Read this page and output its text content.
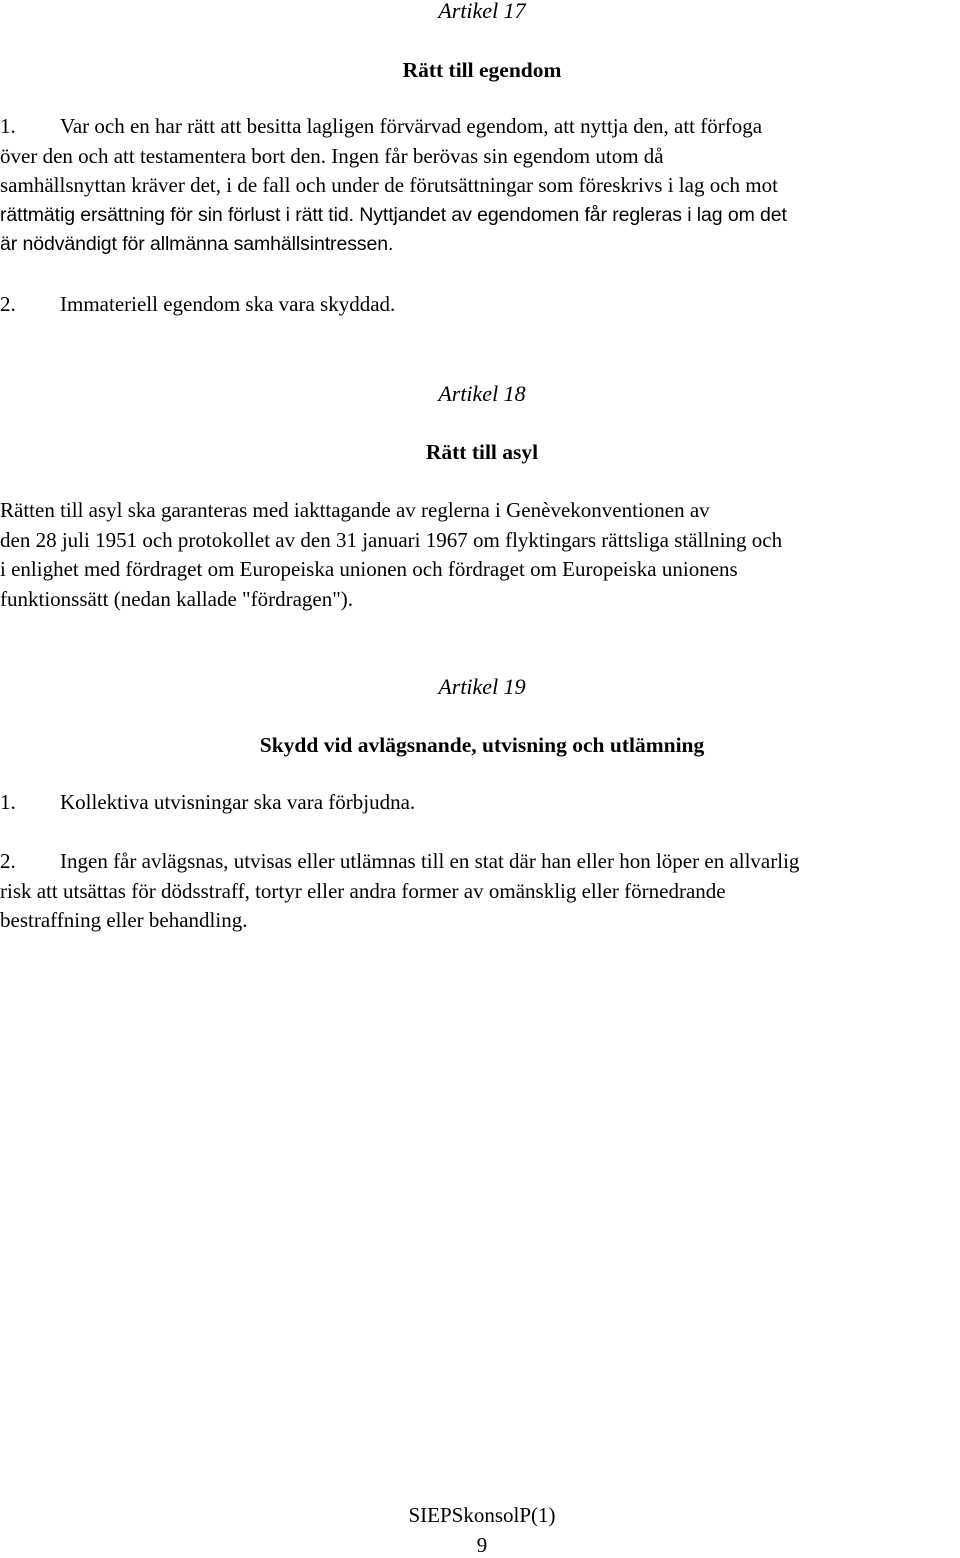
Artikel 17
Rätt till egendom
1. Var och en har rätt att besitta lagligen förvärvad egendom, att nyttja den, att förfoga
över den och att testamentera bort den. Ingen får berövas sin egendom utom då
samhällsnyttan kräver det, i de fall och under de förutsättningar som föreskrivs i lag och mot
rättmätig ersättning för sin förlust i rätt tid. Nyttjandet av egendomen får regleras i lag om det
är nödvändigt för allmänna samhällsintressen.
2. Immateriell egendom ska vara skyddad.
Artikel 18
Rätt till asyl
Rätten till asyl ska garanteras med iakttagande av reglerna i Genèvekonventionen av
den 28 juli 1951 och protokollet av den 31 januari 1967 om flyktingars rättsliga ställning och
i enlighet med fördraget om Europeiska unionen och fördraget om Europeiska unionens
funktionssätt (nedan kallade "fördragen").
Artikel 19
Skydd vid avlägsnande, utvisning och utlämning
1. Kollektiva utvisningar ska vara förbjudna.
2. Ingen får avlägsnas, utvisas eller utlämnas till en stat där han eller hon löper en allvarlig
risk att utsättas för dödsstraff, tortyr eller andra former av omänsklig eller förnedrande
bestraffning eller behandling.
SIEPSkonsolP(1)
9
